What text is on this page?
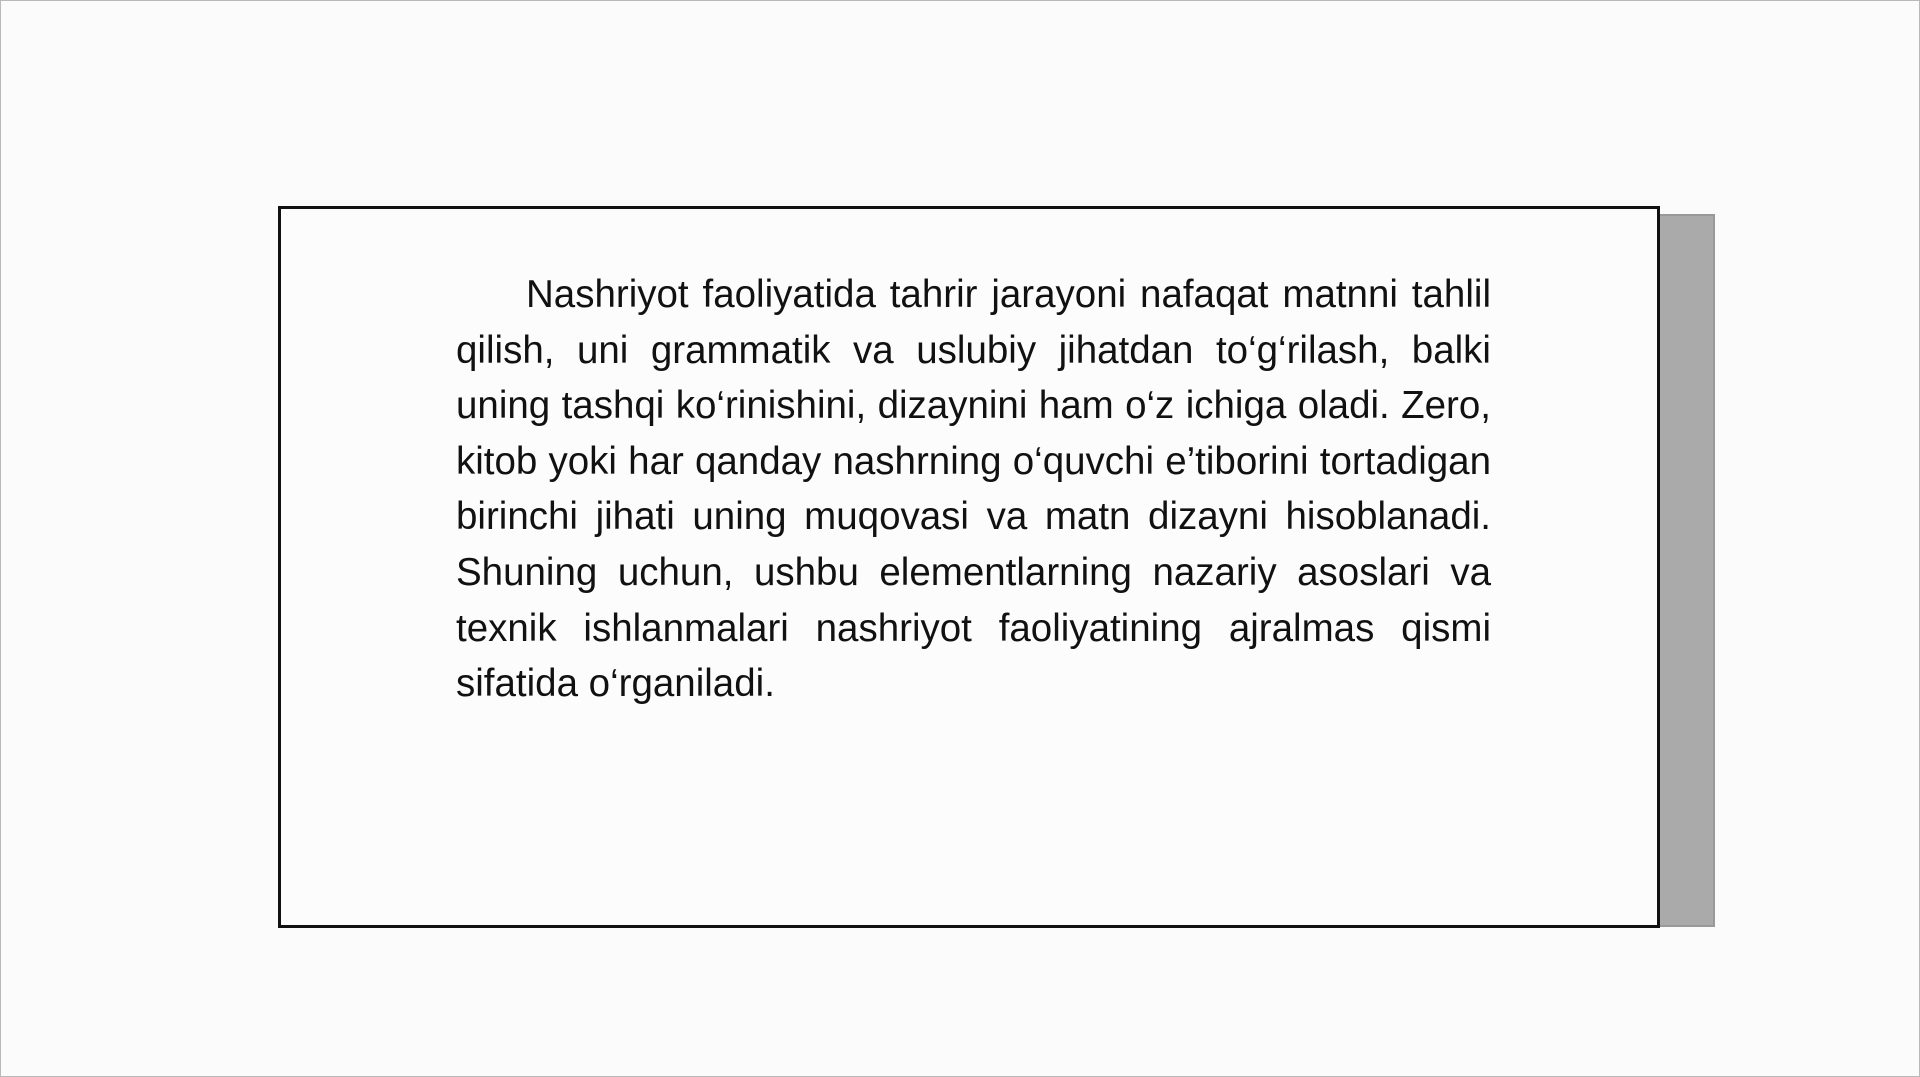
Nashriyot faoliyatida tahrir jarayoni nafaqat matnni tahlil qilish, uni grammatik va uslubiy jihatdan to‘g‘rilash, balki uning tashqi ko‘rinishini, dizaynini ham o‘z ichiga oladi. Zero, kitob yoki har qanday nashrning o‘quvchi e’tiborini tortadigan birinchi jihati uning muqovasi va matn dizayni hisoblanadi. Shuning uchun, ushbu elementlarning nazariy asoslari va texnik ishlanmalari nashriyot faoliyatining ajralmas qismi sifatida o‘rganiladi.
